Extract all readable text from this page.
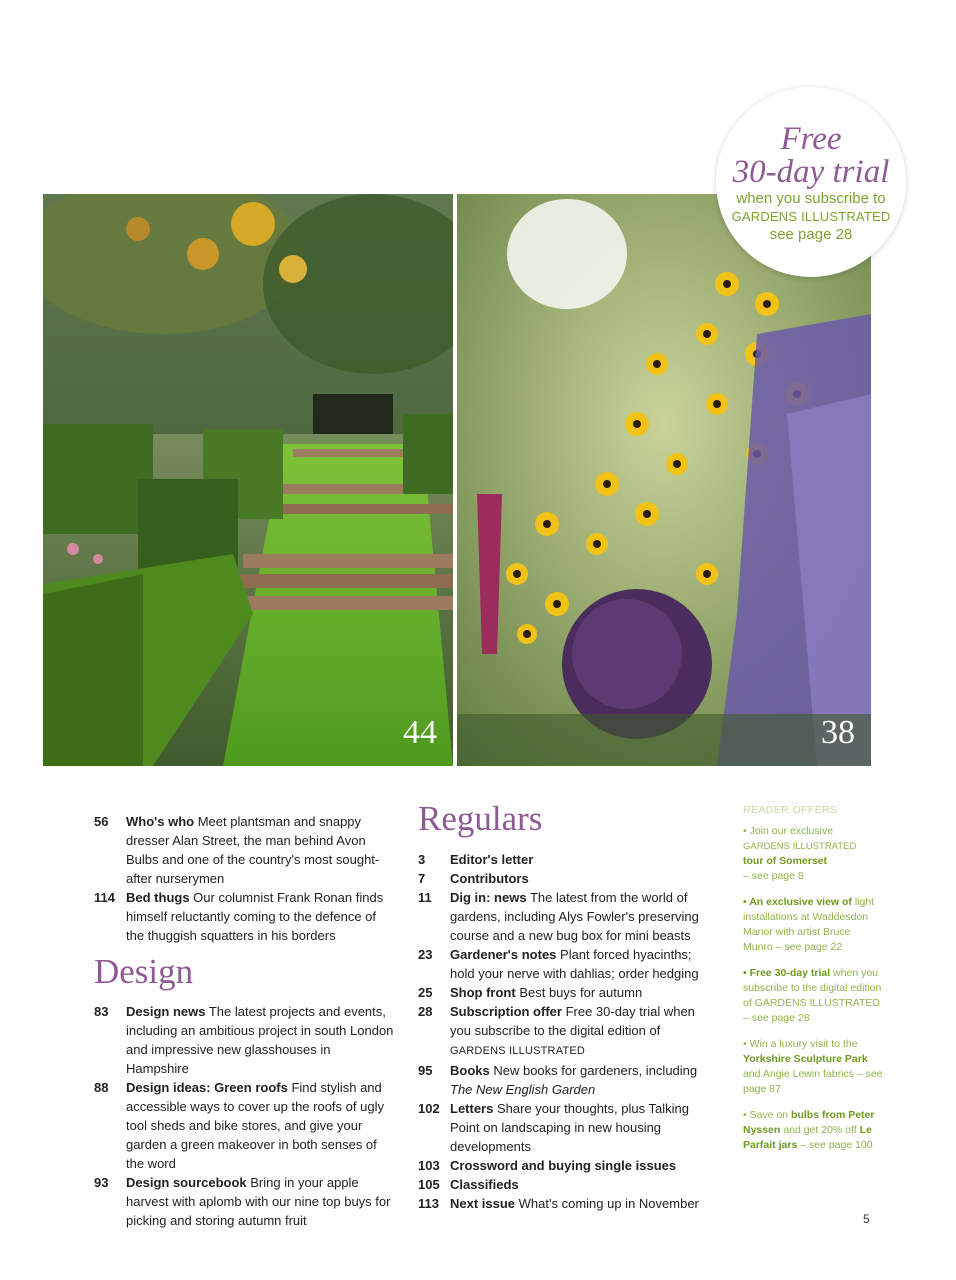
44	38
Free
30-day trial
when you subscribe to
GARDENS ILLUSTRATED
see page 28
56	Who's who Meet plantsman and snappy dresser Alan Street, the man behind Avon Bulbs and one of the country's most sought-after nurserymen
114 Bed thugs Our columnist Frank Ronan finds himself reluctantly coming to the defence of the thuggish squatters in his borders
Design
83	Design news The latest projects and events, including an ambitious project in south London and impressive new glasshouses in Hampshire
88	Design ideas: Green roofs Find stylish and accessible ways to cover up the roofs of ugly tool sheds and bike stores, and give your garden a green makeover in both senses of the word
93	Design sourcebook Bring in your apple harvest with aplomb with our nine top buys for picking and storing autumn fruit
Regulars
3	Editor's letter
7	Contributors
11	Dig in: news The latest from the world of gardens, including Alys Fowler's preserving course and a new bug box for mini beasts
23	Gardener's notes Plant forced hyacinths; hold your nerve with dahlias; order hedging
25	Shop front Best buys for autumn
28	Subscription offer Free 30-day trial when you subscribe to the digital edition of GARDENS ILLUSTRATED
95	Books New books for gardeners, including The New English Garden
102 Letters Share your thoughts, plus Talking Point on landscaping in new housing developments
103 Crossword and buying single issues
105 Classifieds
113 Next issue What's coming up in November
READER OFFERS
• Join our exclusive
GARDENS ILLUSTRATED
tour of Somerset
– see page 8
• An exclusive view of light installations at Waddesdon Manor with artist Bruce Munro – see page 22
• Free 30-day trial when you subscribe to the digital edition of GARDENS ILLUSTRATED – see page 28
• Win a luxury visit to the Yorkshire Sculpture Park and Angie Lewin fabrics – see page 87
• Save on bulbs from Peter Nyssen and get 20% off Le Parfait jars – see page 100
5
